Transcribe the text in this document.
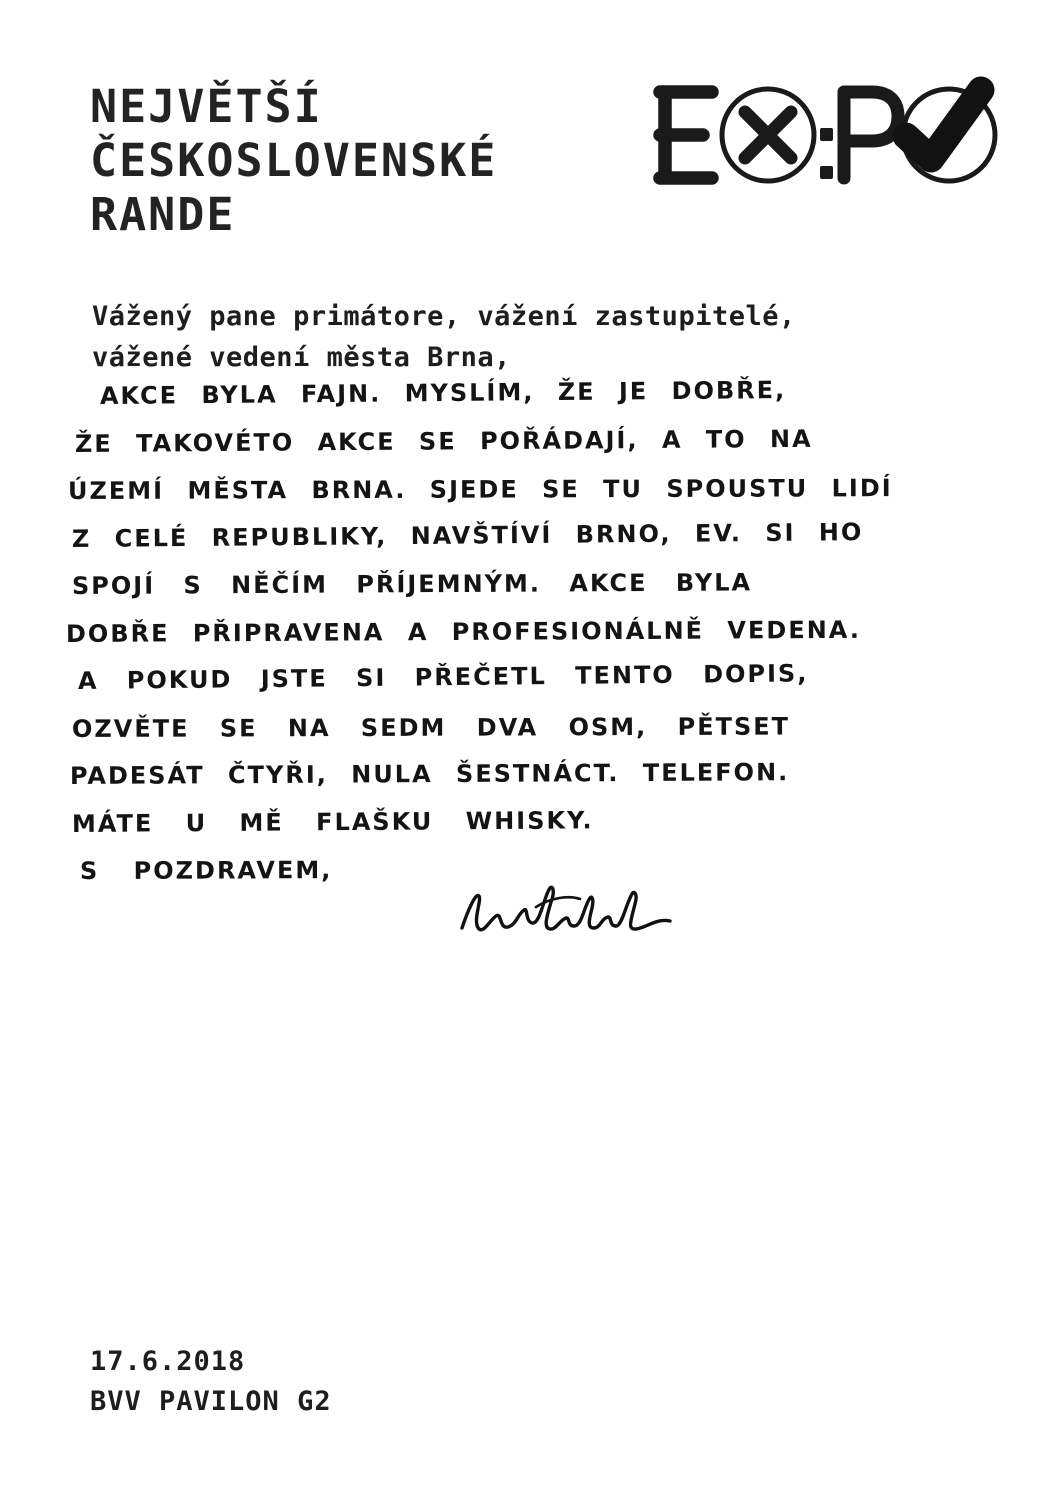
NEJVĚTŠÍ
ČESKOSLOVENSKÉ
RANDE

Vážený pane primátore, vážení zastupitelé,
vážené vedení města Brna,

AKCE BYLA FAJN. MYSLÍM, ŽE JE DOBŘE,

ŽE TAKOVÉTO AKCE SE POŘÁDAJÍ, A TO NA

ÚZEMÍ MĚSTA BRNA. SJEDE SE TU SPOUSTU LIDÍ

Z CELÉ REPUBLIKY, NAVŠTÍVÍ BRNO, EV. SI HO

SPOJÍ S NĚČÍM PŘÍJEMNÝM. AKCE BYLA

DOBŘE PŘIPRAVENA A PROFESIONÁLNĚ VEDENA.

A POKUD JSTE SI PŘEČETL TENTO DOPIS,

OZVĚTE SE NA SEDM DVA OSM, PĚTSET

PADESÁT ČTYŘI, NULA ŠESTNÁCT. TELEFON.

MÁTE U MĚ FLAŠKU WHISKY.

S POZDRAVEM,

17.6.2018
BVV PAVILON G2
